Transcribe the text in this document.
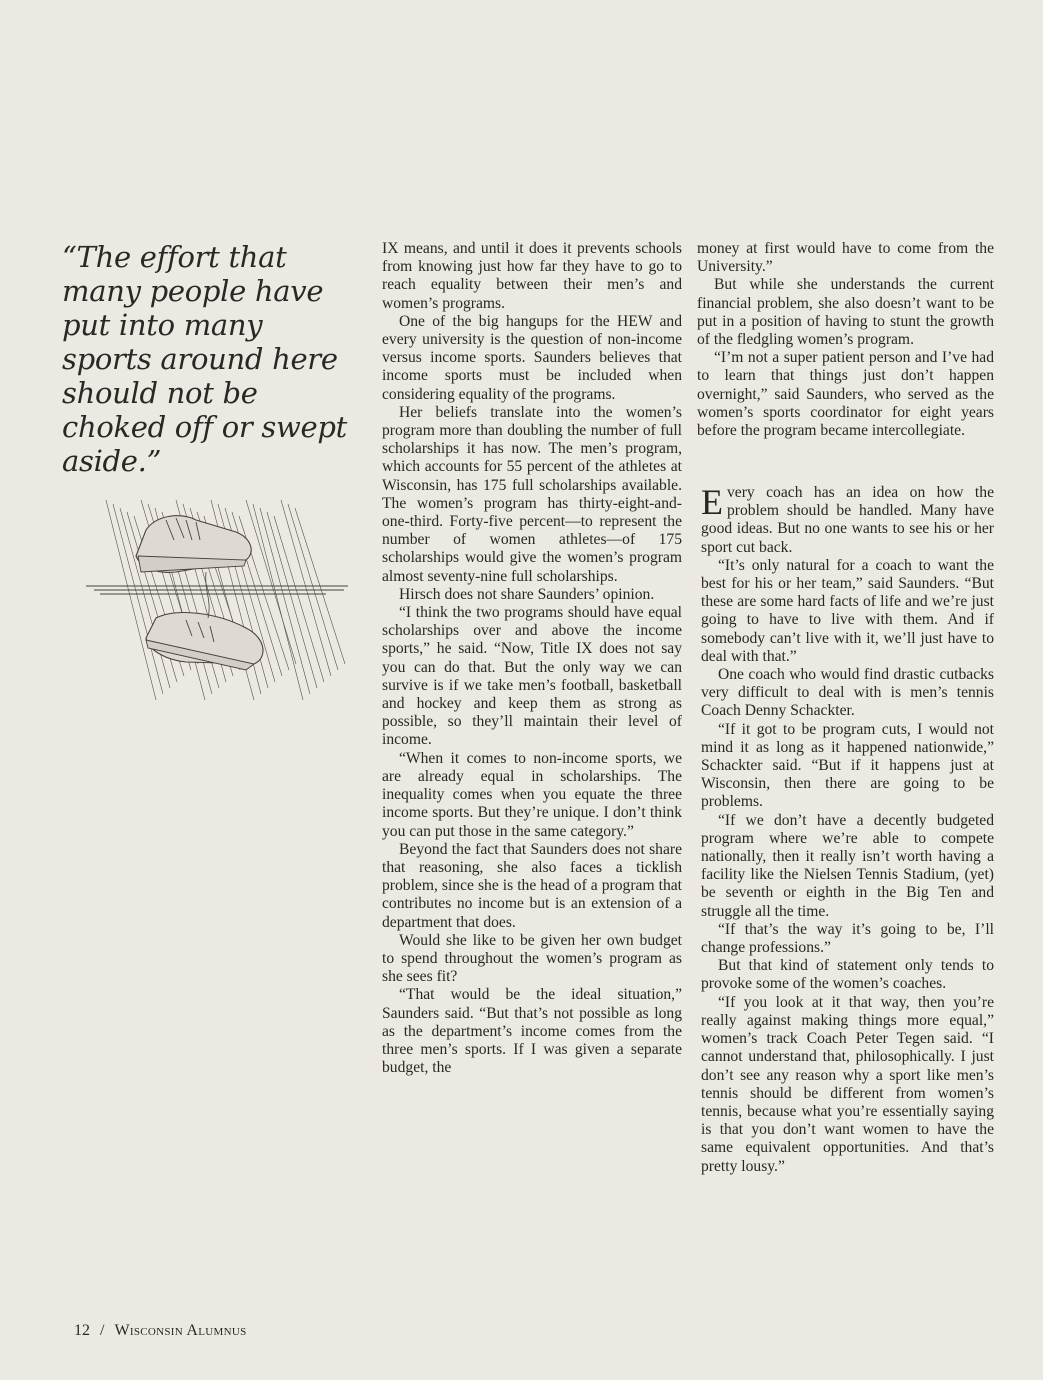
“The effort that many people have put into many sports around here should not be choked off or swept aside.”

IX means, and until it does it prevents schools from knowing just how far they have to go to reach equality between their men’s and women’s programs.

One of the big hangups for the HEW and every university is the question of non-income versus income sports. Saunders believes that income sports must be included when considering equality of the programs.

Her beliefs translate into the women’s program more than doubling the number of full scholarships it has now. The men’s program, which accounts for 55 percent of the athletes at Wisconsin, has 175 full scholarships available. The women’s program has thirty-eight-and-one-third. Forty-five percent—to represent the number of women athletes—of 175 scholarships would give the women’s program almost seventy-nine full scholarships.

Hirsch does not share Saunders’ opinion.

“I think the two programs should have equal scholarships over and above the income sports,” he said. “Now, Title IX does not say you can do that. But the only way we can survive is if we take men’s football, basketball and hockey and keep them as strong as possible, so they’ll maintain their level of income.

“When it comes to non-income sports, we are already equal in scholarships. The inequality comes when you equate the three income sports. But they’re unique. I don’t think you can put those in the same category.”

Beyond the fact that Saunders does not share that reasoning, she also faces a ticklish problem, since she is the head of a program that contributes no income but is an extension of a department that does.

Would she like to be given her own budget to spend throughout the women’s program as she sees fit?

“That would be the ideal situation,” Saunders said. “But that’s not possible as long as the department’s income comes from the three men’s sports. If I was given a separate budget, the

money at first would have to come from the University.”

But while she understands the current financial problem, she also doesn’t want to be put in a position of having to stunt the growth of the fledgling women’s program.

“I’m not a super patient person and I’ve had to learn that things just don’t happen overnight,” said Saunders, who served as the women’s sports coordinator for eight years before the program became intercollegiate.

Every coach has an idea on how the problem should be handled. Many have good ideas. But no one wants to see his or her sport cut back.

“It’s only natural for a coach to want the best for his or her team,” said Saunders. “But these are some hard facts of life and we’re just going to have to live with them. And if somebody can’t live with it, we’ll just have to deal with that.”

One coach who would find drastic cutbacks very difficult to deal with is men’s tennis Coach Denny Schackter.

“If it got to be program cuts, I would not mind it as long as it happened nationwide,” Schackter said. “But if it happens just at Wisconsin, then there are going to be problems.

“If we don’t have a decently budgeted program where we’re able to compete nationally, then it really isn’t worth having a facility like the Nielsen Tennis Stadium, (yet) be seventh or eighth in the Big Ten and struggle all the time.

“If that’s the way it’s going to be, I’ll change professions.”

But that kind of statement only tends to provoke some of the women’s coaches.

“If you look at it that way, then you’re really against making things more equal,” women’s track Coach Peter Tegen said. “I cannot understand that, philosophically. I just don’t see any reason why a sport like men’s tennis should be different from women’s tennis, because what you’re essentially saying is that you don’t want women to have the same equivalent opportunities. And that’s pretty lousy.”

12 / Wisconsin Alumnus
